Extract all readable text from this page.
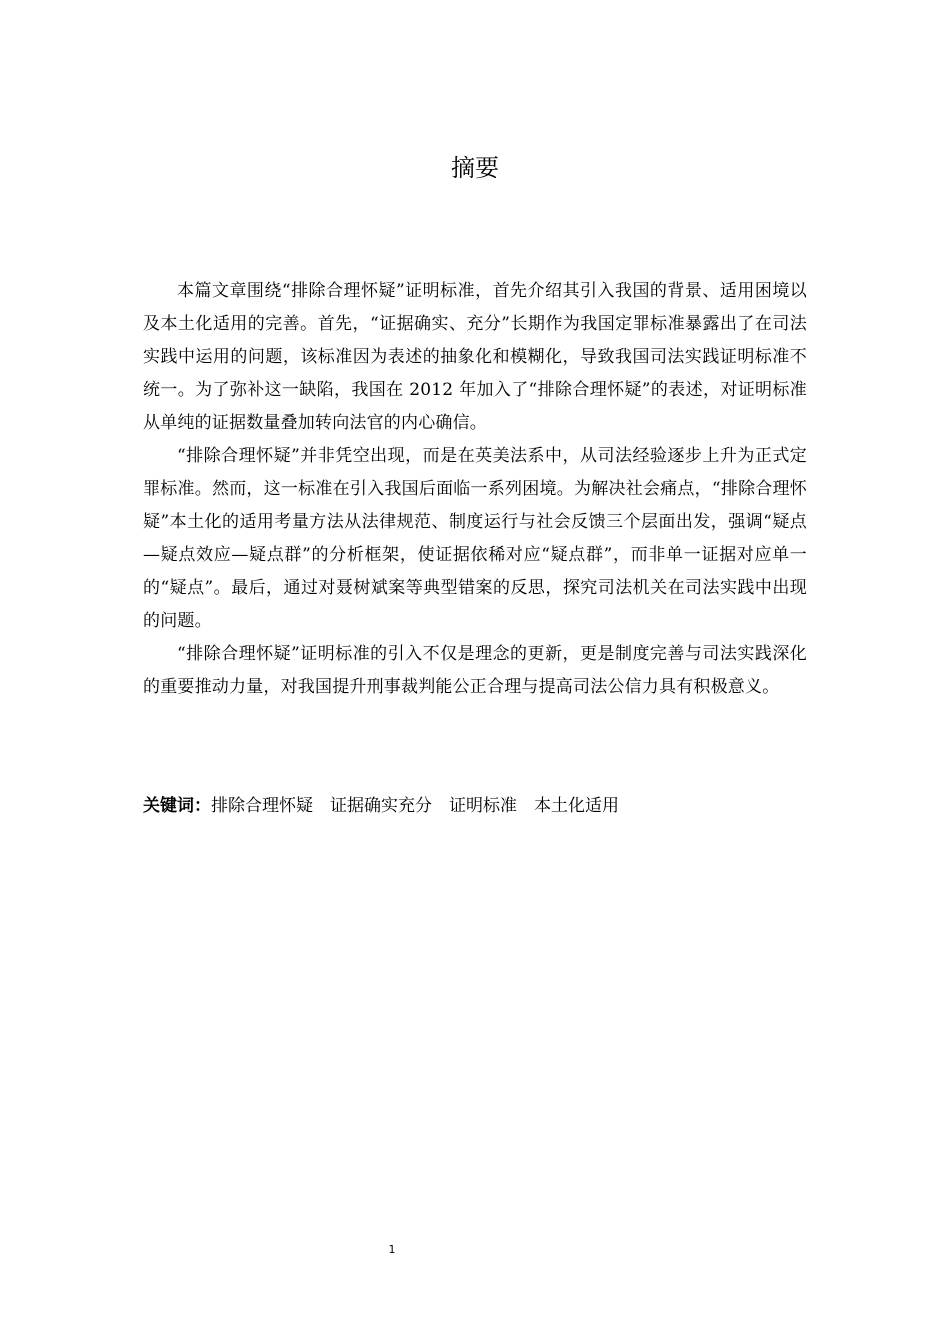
摘要

本篇文章围绕“排除合理怀疑”证明标准，首先介绍其引入我国的背景、适用困境以及本土化适用的完善。首先，“证据确实、充分”长期作为我国定罪标准暴露出了在司法实践中运用的问题，该标准因为表述的抽象化和模糊化，导致我国司法实践证明标准不统一。为了弥补这一缺陷，我国在 2012 年加入了“排除合理怀疑”的表述，对证明标准从单纯的证据数量叠加转向法官的内心确信。

“排除合理怀疑”并非凭空出现，而是在英美法系中，从司法经验逐步上升为正式定罪标准。然而，这一标准在引入我国后面临一系列困境。为解决社会痛点，“排除合理怀疑”本土化的适用考量方法从法律规范、制度运行与社会反馈三个层面出发，强调“疑点—疑点效应—疑点群”的分析框架，使证据依稀对应“疑点群”，而非单一证据对应单一的“疑点”。最后，通过对聂树斌案等典型错案的反思，探究司法机关在司法实践中出现的问题。

“排除合理怀疑”证明标准的引入不仅是理念的更新，更是制度完善与司法实践深化的重要推动力量，对我国提升刑事裁判能公正合理与提高司法公信力具有积极意义。

关键词：排除合理怀疑 证据确实充分 证明标准 本土化适用
1
